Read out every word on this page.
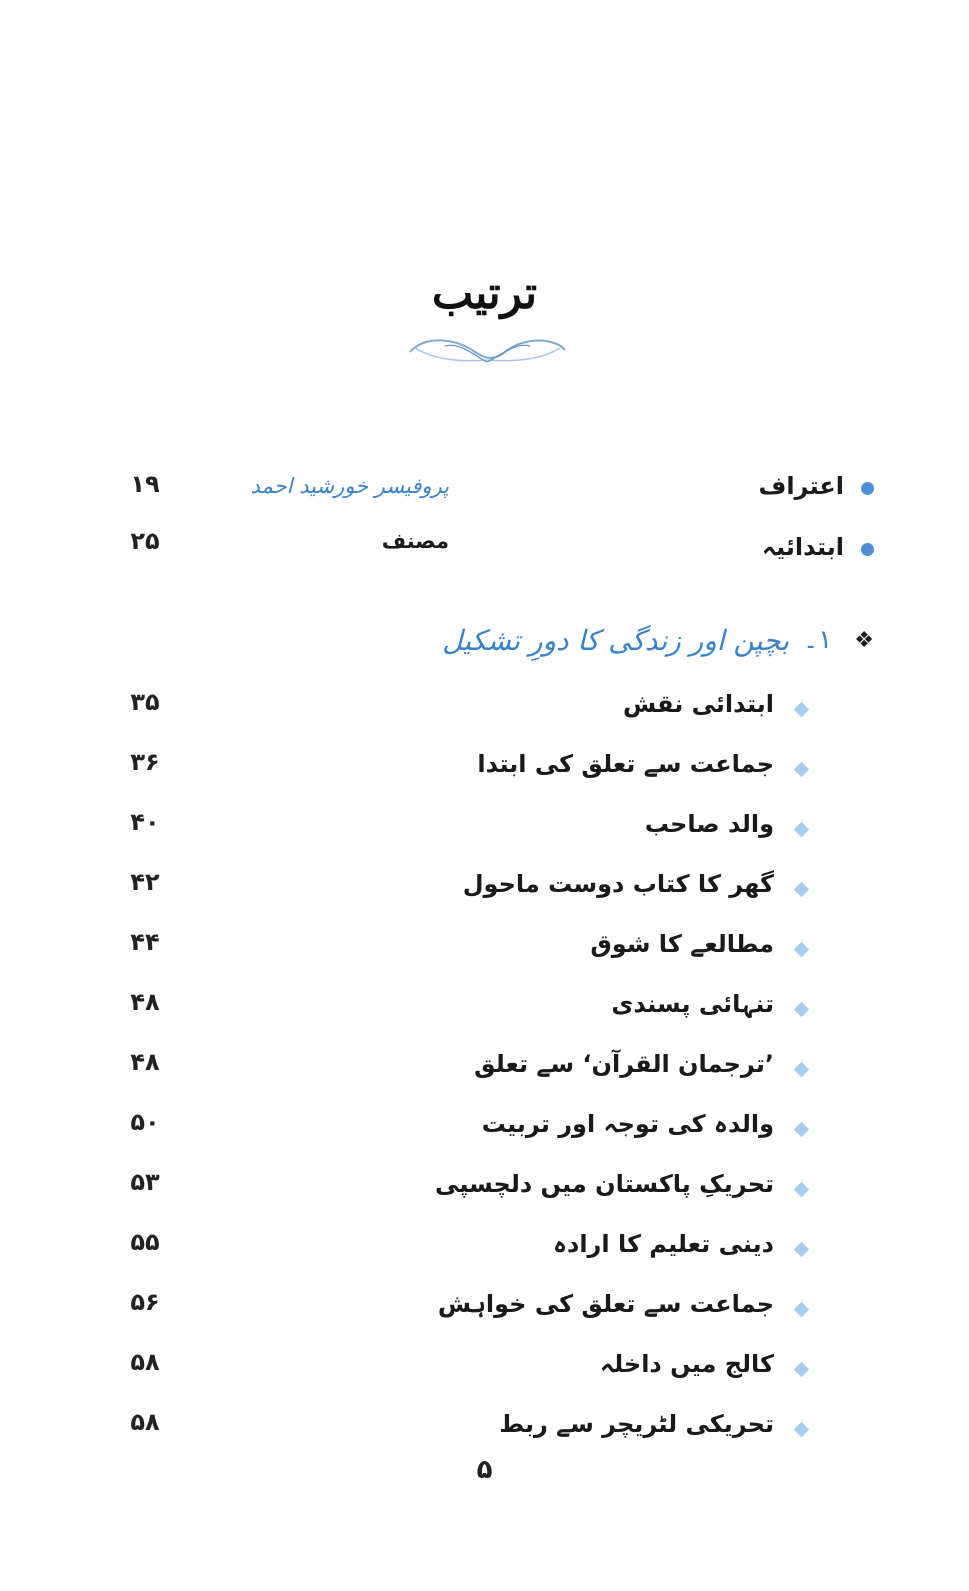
ترتیب
اعتراف
پروفیسر خورشید احمد
۱۹
ابتدائیہ
مصنف
۲۵
❖
۱۔
بچپن اور زندگی کا دورِ تشکیل
ابتدائی نقش
۳۵
جماعت سے تعلق کی ابتدا
۳۶
والد صاحب
۴۰
گھر کا کتاب دوست ماحول
۴۲
مطالعے کا شوق
۴۴
تنہائی پسندی
۴۸
’ترجمان القرآن‘ سے تعلق
۴۸
والدہ کی توجہ اور تربیت
۵۰
تحریکِ پاکستان میں دلچسپی
۵۳
دینی تعلیم کا ارادہ
۵۵
جماعت سے تعلق کی خواہش
۵۶
کالج میں داخلہ
۵۸
تحریکی لٹریچر سے ربط
۵۸
۵
